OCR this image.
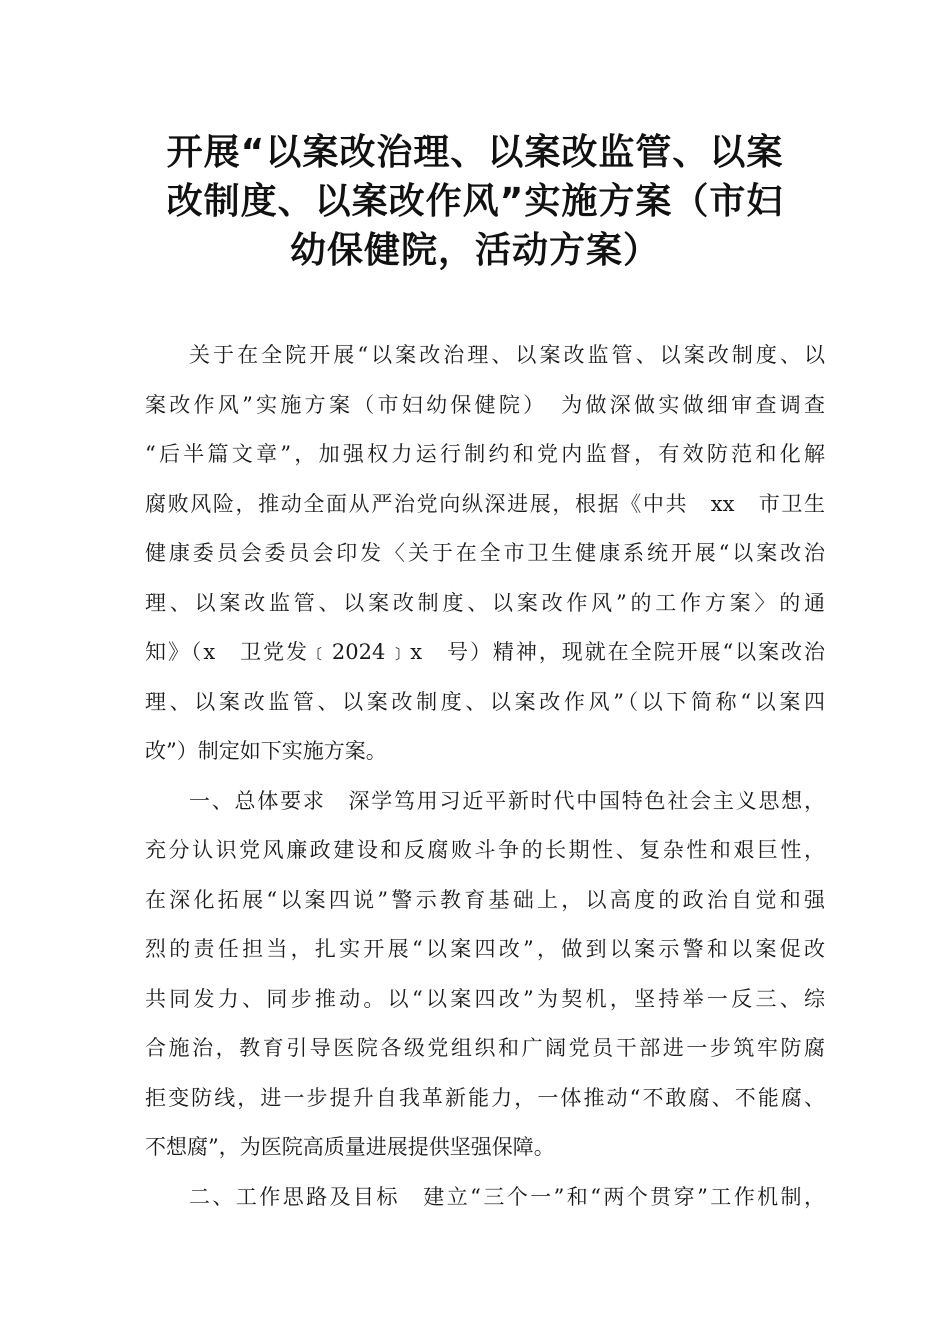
开展“以案改治理、以案改监管、以案
改制度、以案改作风”实施方案（市妇
幼保健院，活动方案）
关于在全院开展“以案改治理、以案改监管、以案改制度、以
案改作风”实施方案（市妇幼保健院）　为做深做实做细审查调查
“后半篇文章”，加强权力运行制约和党内监督，有效防范和化解
腐败风险，推动全面从严治党向纵深进展，根据《中共　xx　市卫生
健康委员会委员会印发〈关于在全市卫生健康系统开展“以案改治
理、以案改监管、以案改制度、以案改作风”的工作方案〉的通
知》（x　卫党发﹝2024﹞x　号）精神，现就在全院开展“以案改治
理、以案改监管、以案改制度、以案改作风”（以下简称“以案四
改”）制定如下实施方案。
一、总体要求　深学笃用习近平新时代中国特色社会主义思想，
充分认识党风廉政建设和反腐败斗争的长期性、复杂性和艰巨性，
在深化拓展“以案四说”警示教育基础上，以高度的政治自觉和强
烈的责任担当，扎实开展“以案四改”，做到以案示警和以案促改
共同发力、同步推动。以“以案四改”为契机，坚持举一反三、综
合施治，教育引导医院各级党组织和广阔党员干部进一步筑牢防腐
拒变防线，进一步提升自我革新能力，一体推动“不敢腐、不能腐、
不想腐”，为医院高质量进展提供坚强保障。
二、工作思路及目标　建立“三个一”和“两个贯穿”工作机制，
